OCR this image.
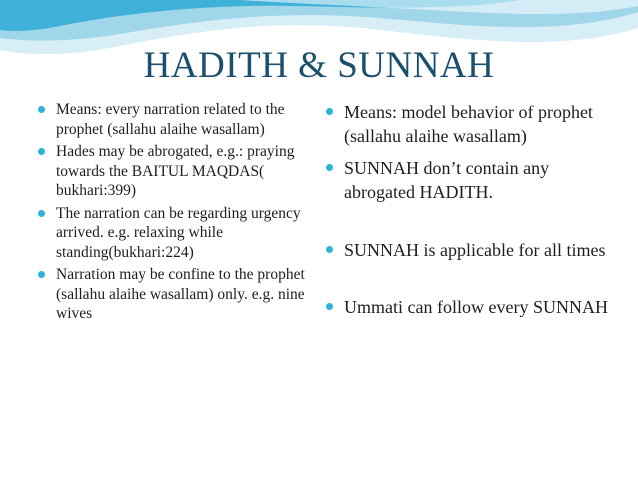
HADITH & SUNNAH
Means: every narration related to the prophet (sallahu alaihe wasallam)
Hades may be abrogated, e.g.: praying towards the BAITUL MAQDAS( bukhari:399)
The narration can be regarding urgency arrived. e.g. relaxing while standing(bukhari:224)
Narration may be confine to the prophet (sallahu alaihe wasallam) only. e.g. nine wives
Means: model behavior of prophet (sallahu alaihe wasallam)
SUNNAH don’t contain any abrogated HADITH.
SUNNAH is applicable for all times
Ummati can follow every SUNNAH
